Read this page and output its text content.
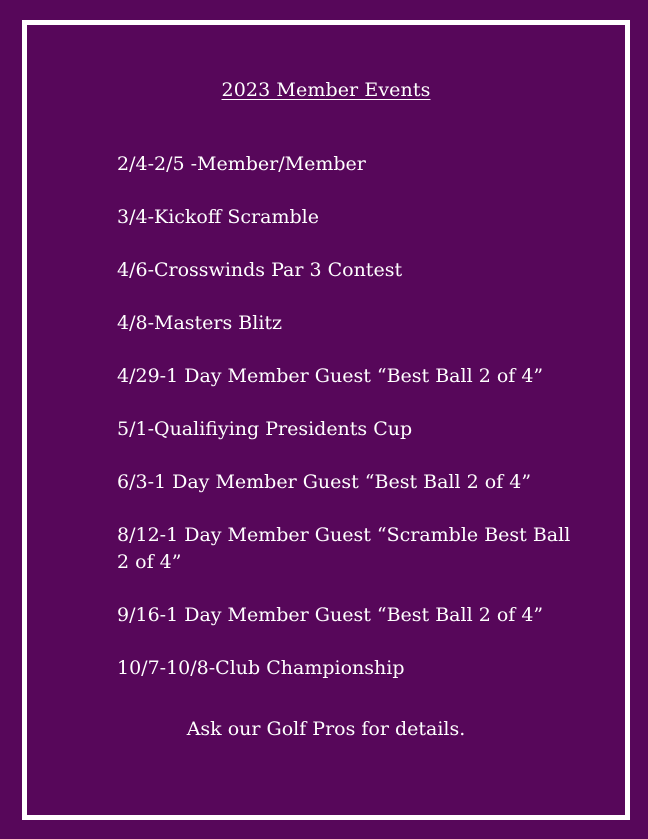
2023 Member Events
2/4-2/5 -Member/Member
3/4-Kickoff Scramble
4/6-Crosswinds Par 3 Contest
4/8-Masters Blitz
4/29-1 Day Member Guest “Best Ball 2 of 4”
5/1-Qualifiying Presidents Cup
6/3-1 Day Member Guest “Best Ball 2 of 4”
8/12-1 Day Member Guest “Scramble Best Ball 2 of 4”
9/16-1 Day Member Guest “Best Ball 2 of 4”
10/7-10/8-Club Championship
Ask our Golf Pros for details.
